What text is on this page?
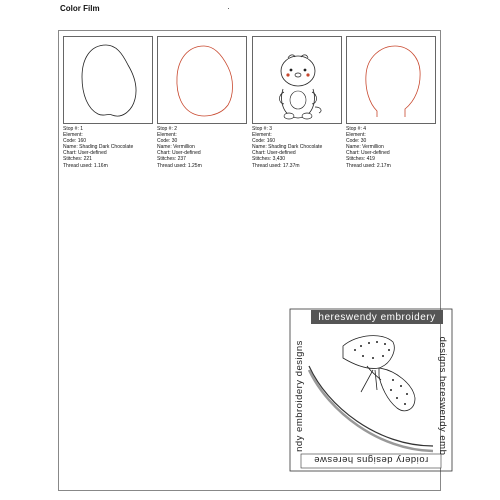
Color Film
Stop #: 1
Element:
Code: 160
Name: Shading Dark Chocolate
Chart: User-defined
Stitches: 221
Thread used: 1.16m
Stop #: 2
Element:
Code: 30
Name: Vermillion
Chart: User-defined
Stitches: 237
Thread used: 1.25m
Stop #: 3
Element:
Code: 160
Name: Shading Dark Chocolate
Chart: User-defined
Stitches: 3,430
Thread used: 17.37m
Stop #: 4
Element:
Code: 30
Name: Vermillion
Chart: User-defined
Stitches: 419
Thread used: 2.17m
hereswendy embroidery
roidery designs hereswe
ndy embroidery designs	designs hereswendy emb
